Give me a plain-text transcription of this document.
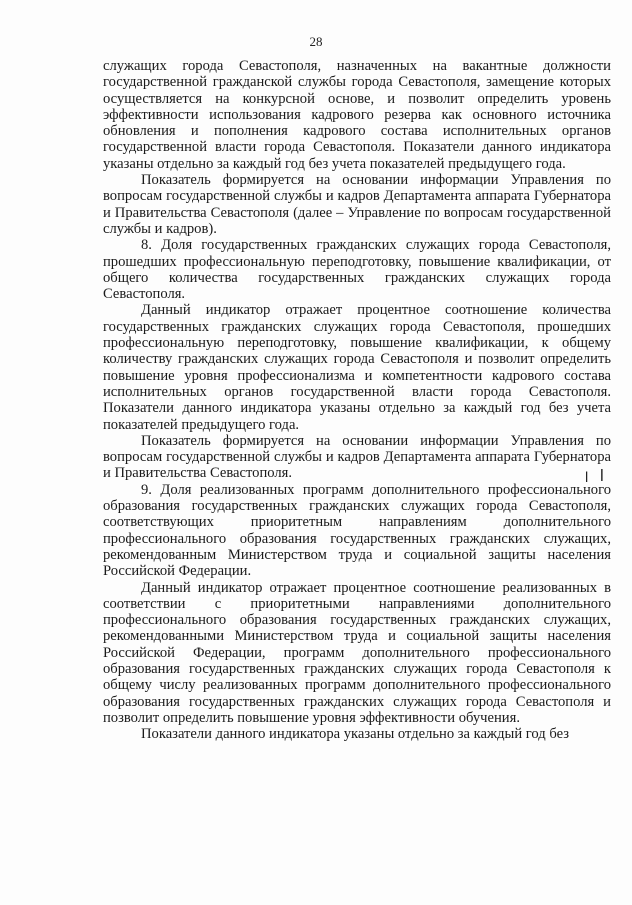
28

служащих города Севастополя, назначенных на вакантные должности государственной гражданской службы города Севастополя, замещение которых осуществляется на конкурсной основе, и позволит определить уровень эффективности использования кадрового резерва как основного источника обновления и пополнения кадрового состава исполнительных органов государственной власти города Севастополя. Показатели данного индикатора указаны отдельно за каждый год без учета показателей предыдущего года.

Показатель формируется на основании информации Управления по вопросам государственной службы и кадров Департамента аппарата Губернатора и Правительства Севастополя (далее – Управление по вопросам государственной службы и кадров).

8. Доля государственных гражданских служащих города Севастополя, прошедших профессиональную переподготовку, повышение квалификации, от общего количества государственных гражданских служащих города Севастополя.

Данный индикатор отражает процентное соотношение количества государственных гражданских служащих города Севастополя, прошедших профессиональную переподготовку, повышение квалификации, к общему количеству гражданских служащих города Севастополя и позволит определить повышение уровня профессионализма и компетентности кадрового состава исполнительных органов государственной власти города Севастополя. Показатели данного индикатора указаны отдельно за каждый год без учета показателей предыдущего года.

Показатель формируется на основании информации Управления по вопросам государственной службы и кадров Департамента аппарата Губернатора и Правительства Севастополя.

9. Доля реализованных программ дополнительного профессионального образования государственных гражданских служащих города Севастополя, соответствующих приоритетным направлениям дополнительного профессионального образования государственных гражданских служащих, рекомендованным Министерством труда и социальной защиты населения Российской Федерации.

Данный индикатор отражает процентное соотношение реализованных в соответствии с приоритетными направлениями дополнительного профессионального образования государственных гражданских служащих, рекомендованными Министерством труда и социальной защиты населения Российской Федерации, программ дополнительного профессионального образования государственных гражданских служащих города Севастополя к общему числу реализованных программ дополнительного профессионального образования государственных гражданских служащих города Севастополя и позволит определить повышение уровня эффективности обучения.

Показатели данного индикатора указаны отдельно за каждый год без

ǀ ǀ
